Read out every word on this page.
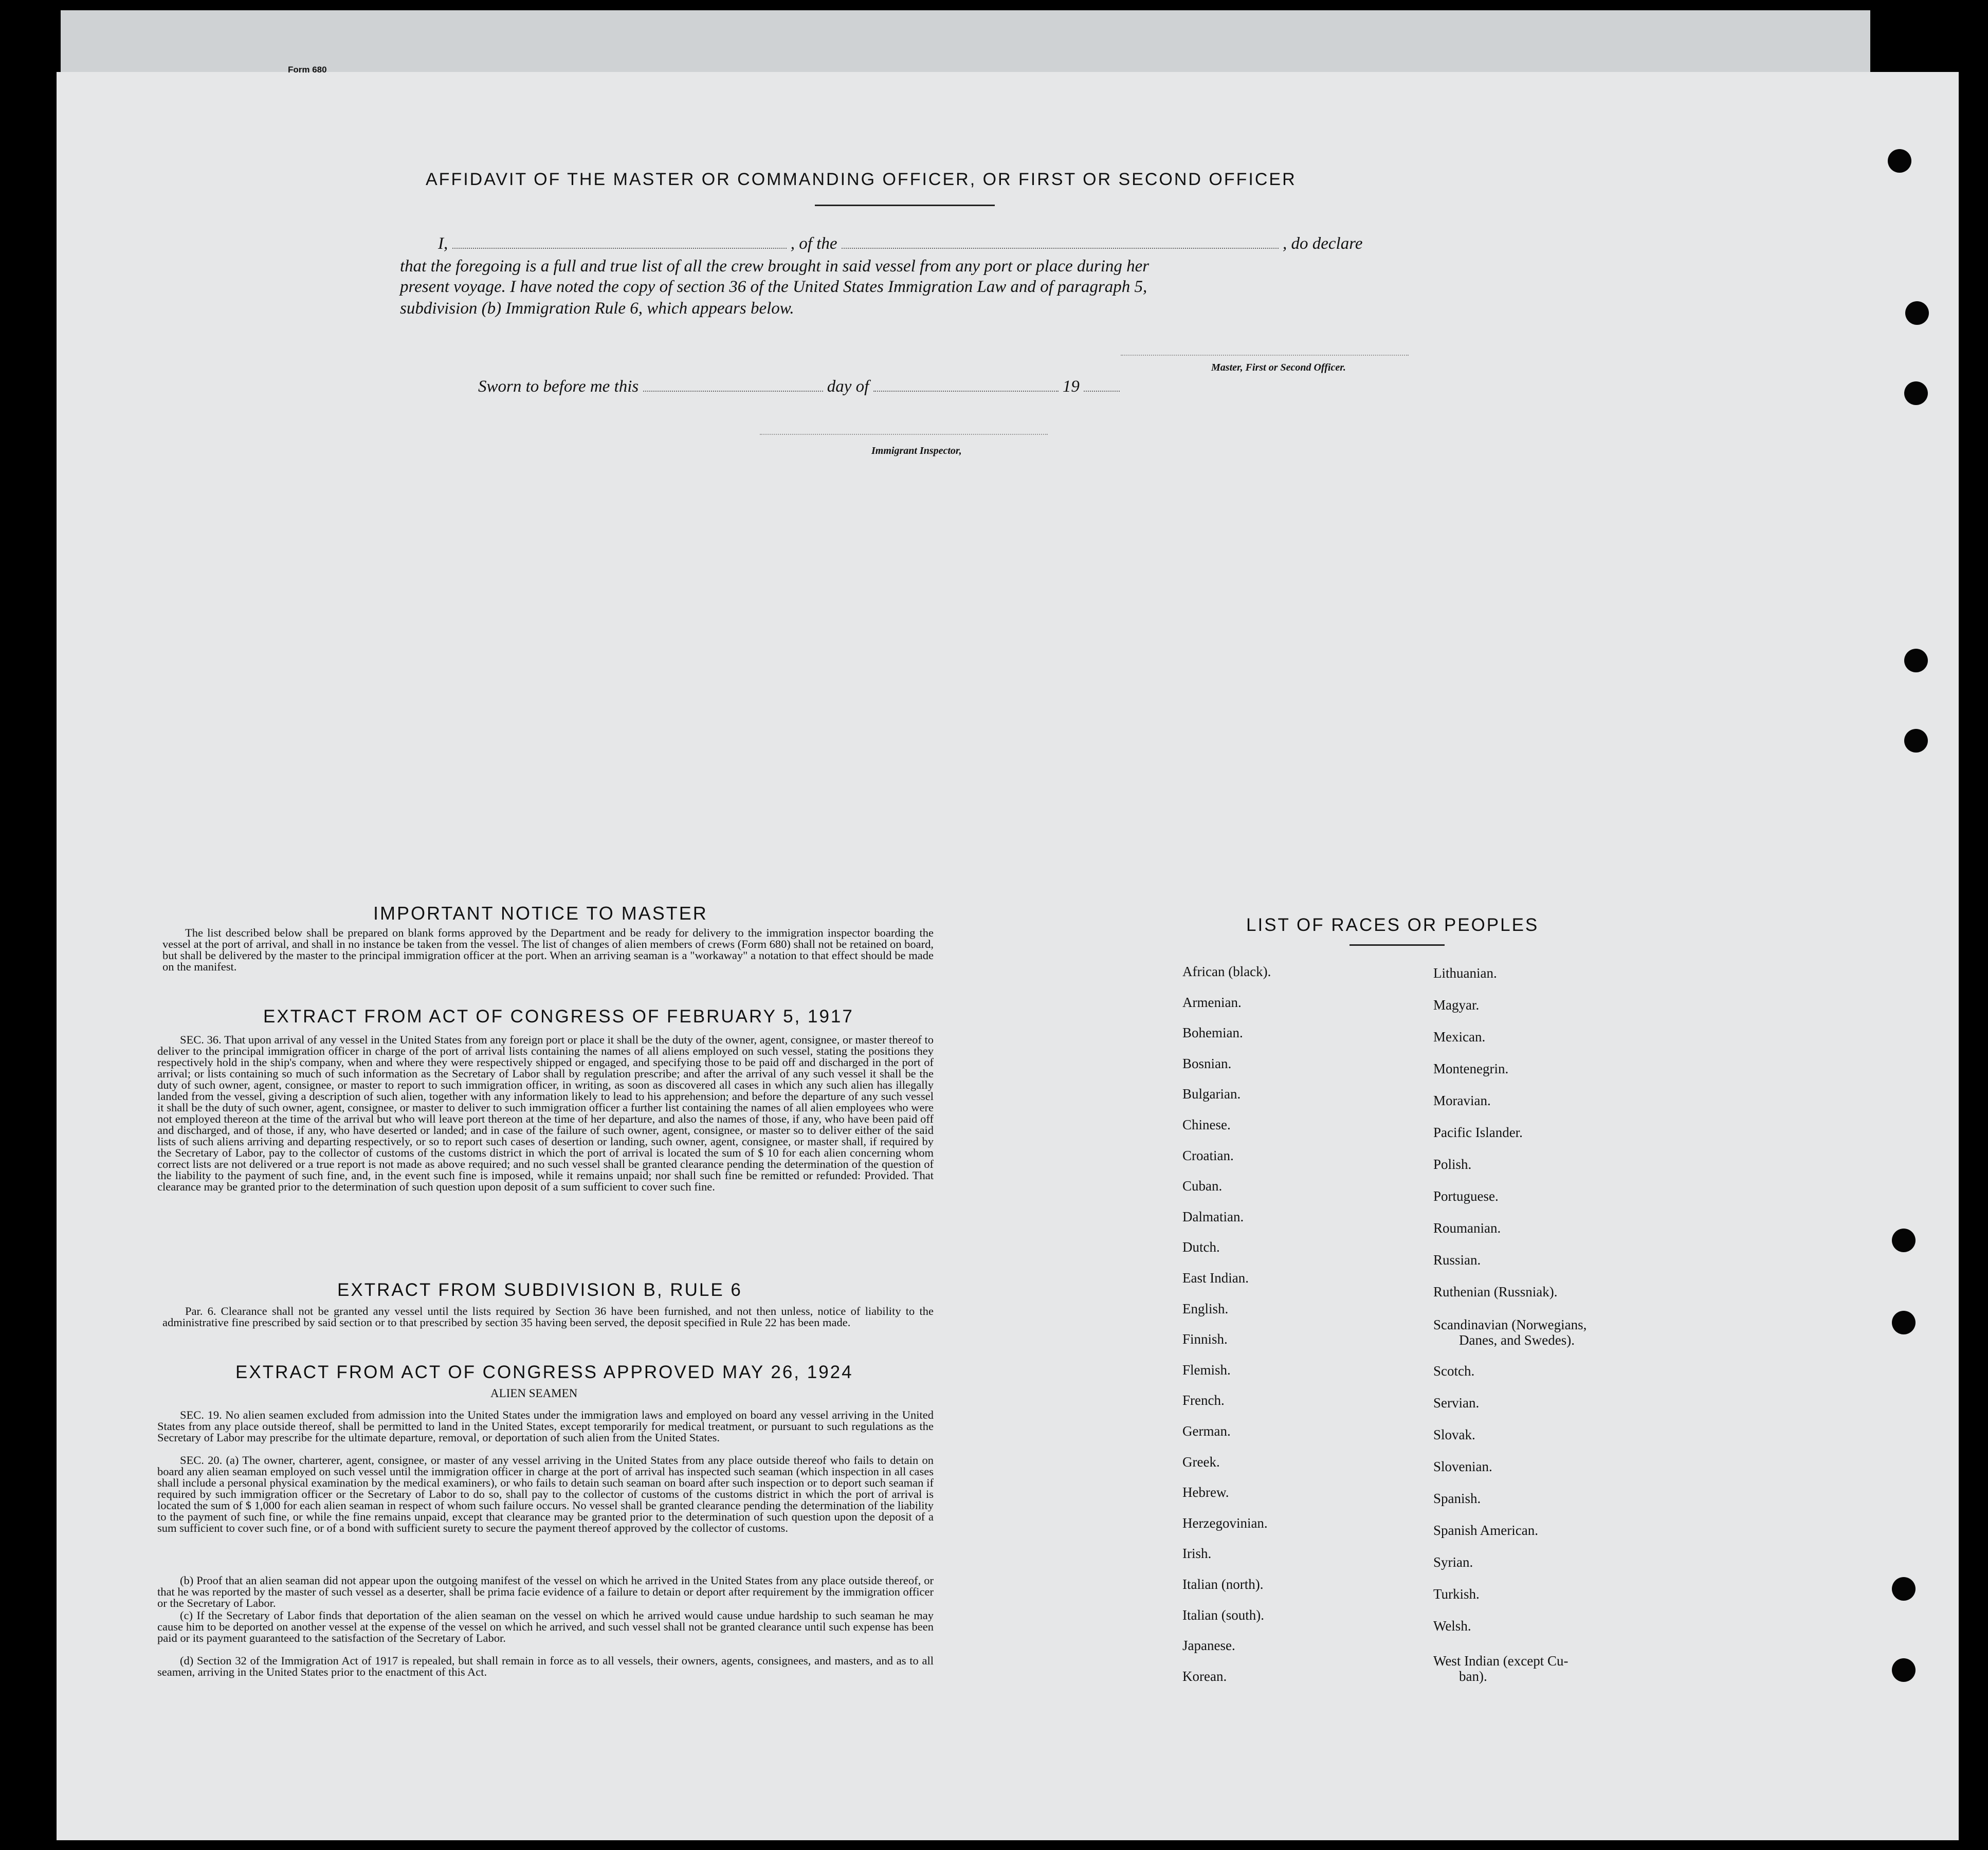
Form 680
AFFIDAVIT OF THE MASTER OR COMMANDING OFFICER, OR FIRST OR SECOND OFFICER
I,	, of the	, do declare
that the foregoing is a full and true list of all the crew brought in said vessel from any port or place during her
present voyage. I have noted the copy of section 36 of the United States Immigration Law and of paragraph 5,
subdivision (b) Immigration Rule 6, which appears below.
Master, First or Second Officer.
Sworn to before me this	day of	19
Immigrant Inspector,
IMPORTANT NOTICE TO MASTER

The list described below shall be prepared on blank forms approved by the Department and be ready for delivery to the immigration inspector boarding the vessel at the port of arrival, and shall in no instance be taken from the vessel. The list of changes of alien members of crews (Form 680) shall not be retained on board, but shall be delivered by the master to the principal immigration officer at the port. When an arriving seaman is a "workaway" a notation to that effect should be made on the manifest.

EXTRACT FROM ACT OF CONGRESS OF FEBRUARY 5, 1917

SEC. 36. That upon arrival of any vessel in the United States from any foreign port or place it shall be the duty of the owner, agent, consignee, or master thereof to deliver to the principal immigration officer in charge of the port of arrival lists containing the names of all aliens employed on such vessel, stating the positions they respectively hold in the ship's company, when and where they were respectively shipped or engaged, and specifying those to be paid off and discharged in the port of arrival; or lists containing so much of such information as the Secretary of Labor shall by regulation prescribe; and after the arrival of any such vessel it shall be the duty of such owner, agent, consignee, or master to report to such immigration officer, in writing, as soon as discovered all cases in which any such alien has illegally landed from the vessel, giving a description of such alien, together with any information likely to lead to his apprehension; and before the departure of any such vessel it shall be the duty of such owner, agent, consignee, or master to deliver to such immigration officer a further list containing the names of all alien employees who were not employed thereon at the time of the arrival but who will leave port thereon at the time of her departure, and also the names of those, if any, who have been paid off and discharged, and of those, if any, who have deserted or landed; and in case of the failure of such owner, agent, consignee, or master so to deliver either of the said lists of such aliens arriving and departing respectively, or so to report such cases of desertion or landing, such owner, agent, consignee, or master shall, if required by the Secretary of Labor, pay to the collector of customs of the customs district in which the port of arrival is located the sum of $ 10 for each alien concerning whom correct lists are not delivered or a true report is not made as above required; and no such vessel shall be granted clearance pending the determination of the question of the liability to the payment of such fine, and, in the event such fine is imposed, while it remains unpaid; nor shall such fine be remitted or refunded: Provided. That clearance may be granted prior to the determination of such question upon deposit of a sum sufficient to cover such fine.

EXTRACT FROM SUBDIVISION B, RULE 6

Par. 6. Clearance shall not be granted any vessel until the lists required by Section 36 have been furnished, and not then unless, notice of liability to the administrative fine prescribed by said section or to that prescribed by section 35 having been served, the deposit specified in Rule 22 has been made.

EXTRACT FROM ACT OF CONGRESS APPROVED MAY 26, 1924
ALIEN SEAMEN

SEC. 19. No alien seamen excluded from admission into the United States under the immigration laws and employed on board any vessel arriving in the United States from any place outside thereof, shall be permitted to land in the United States, except temporarily for medical treatment, or pursuant to such regulations as the Secretary of Labor may prescribe for the ultimate departure, removal, or deportation of such alien from the United States.

SEC. 20. (a) The owner, charterer, agent, consignee, or master of any vessel arriving in the United States from any place outside thereof who fails to detain on board any alien seaman employed on such vessel until the immigration officer in charge at the port of arrival has inspected such seaman (which inspection in all cases shall include a personal physical examination by the medical examiners), or who fails to detain such seaman on board after such inspection or to deport such seaman if required by such immigration officer or the Secretary of Labor to do so, shall pay to the collector of customs of the customs district in which the port of arrival is located the sum of $ 1,000 for each alien seaman in respect of whom such failure occurs. No vessel shall be granted clearance pending the determination of the liability to the payment of such fine, or while the fine remains unpaid, except that clearance may be granted prior to the determination of such question upon the deposit of a sum sufficient to cover such fine, or of a bond with sufficient surety to secure the payment thereof approved by the collector of customs.

(b) Proof that an alien seaman did not appear upon the outgoing manifest of the vessel on which he arrived in the United States from any place outside thereof, or that he was reported by the master of such vessel as a deserter, shall be prima facie evidence of a failure to detain or deport after requirement by the immigration officer or the Secretary of Labor.

(c) If the Secretary of Labor finds that deportation of the alien seaman on the vessel on which he arrived would cause undue hardship to such seaman he may cause him to be deported on another vessel at the expense of the vessel on which he arrived, and such vessel shall not be granted clearance until such expense has been paid or its payment guaranteed to the satisfaction of the Secretary of Labor.

(d) Section 32 of the Immigration Act of 1917 is repealed, but shall remain in force as to all vessels, their owners, agents, consignees, and masters, and as to all seamen, arriving in the United States prior to the enactment of this Act.

LIST OF RACES OR PEOPLES
African (black).
Armenian.
Bohemian.
Bosnian.
Bulgarian.
Chinese.
Croatian.
Cuban.
Dalmatian.
Dutch.
East Indian.
English.
Finnish.
Flemish.
French.
German.
Greek.
Hebrew.
Herzegovinian.
Irish.
Italian (north).
Italian (south).
Japanese.
Korean.
Lithuanian.
Magyar.
Mexican.
Montenegrin.
Moravian.
Pacific Islander.
Polish.
Portuguese.
Roumanian.
Russian.
Ruthenian (Russniak).
Scandinavian (Norwegians,
Danes, and Swedes).
Scotch.
Servian.
Slovak.
Slovenian.
Spanish.
Spanish American.
Syrian.
Turkish.
Welsh.
West Indian (except Cu-
ban).
